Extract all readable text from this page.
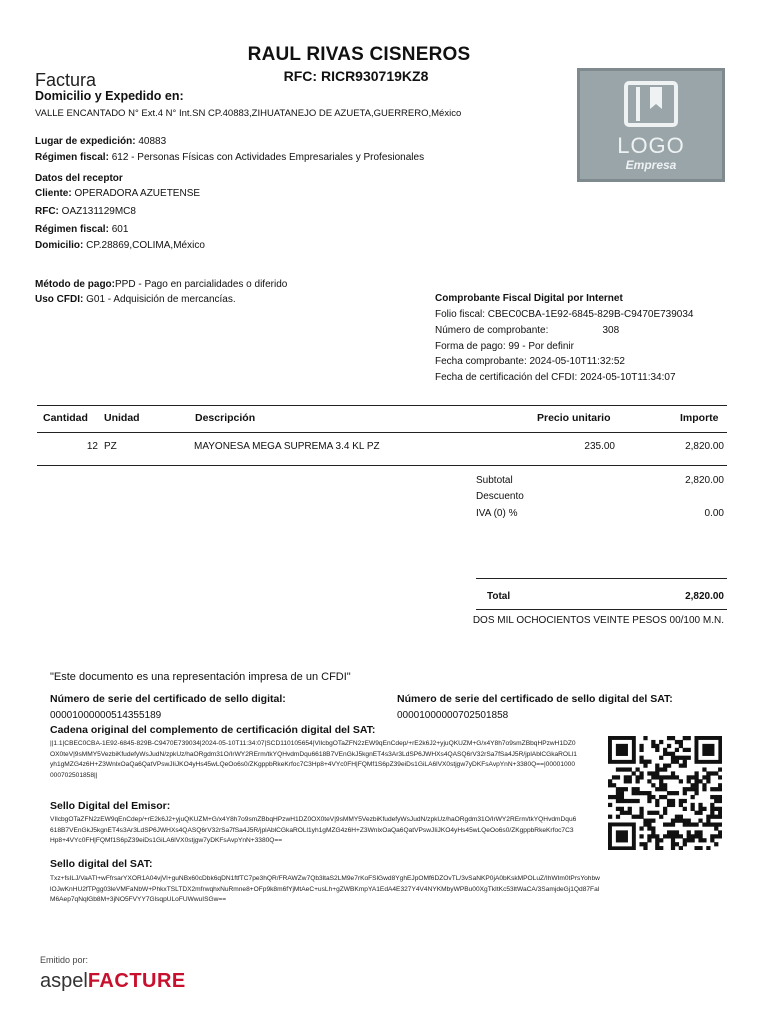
RAUL RIVAS CISNEROS
RFC: RICR930719KZ8
Factura
Domicilio y Expedido en:
VALLE ENCANTADO N° Ext.4 N° Int.SN CP.40883,ZIHUATANEJO DE AZUETA,GUERRERO,México
LOGO
Empresa
Lugar de expedición: 40883
Régimen fiscal: 612 - Personas Físicas con Actividades Empresariales y Profesionales
Datos del receptor
Cliente: OPERADORA AZUETENSE
RFC: OAZ131129MC8
Régimen fiscal: 601
Domicilio: CP.28869,COLIMA,México
Método de pago:PPD - Pago en parcialidades o diferido
Uso CFDI: G01 - Adquisición de mercancías.	Comprobante Fiscal Digital por Internet
Folio fiscal: CBEC0CBA-1E92-6845-829B-C9470E739034
Número de comprobante:	308
Forma de pago: 99 - Por definir
Fecha comprobante: 2024-05-10T11:32:52
Fecha de certificación del CFDI: 2024-05-10T11:34:07
Cantidad Unidad	Descripción	Precio unitario	Importe
12 PZ	MAYONESA MEGA SUPREMA 3.4 KL PZ	235.00	2,820.00
Subtotal	2,820.00
Descuento
IVA (0) %	0.00
Total	2,820.00
DOS MIL OCHOCIENTOS VEINTE PESOS 00/100 M.N.
"Este documento es una representación impresa de un CFDI"
Número de serie del certificado de sello digital:
00001000000514355189
Número de serie del certificado de sello digital del SAT:
00001000000702501858
Cadena original del complemento de certificación digital del SAT:
||1.1|CBEC0CBA-1E92-6845-829B-C9470E739034|2024-05-10T11:34:07|SCD110105654|VIlcbgOTaZFN2zEW9qEnCdep/+rE2k6J2+yjuQKUZM+G/x4Y8h7o9smZBbqHPzwH1DZ0OX0teV|9sMMY5VezbiKfudefyWsJudN/zpkUz/haORgdm31O/IrWY2RErm/tkYQHvdmDqu6618B7VEnGkJ5kgnET4s3Ar3LdSP6JWHXs4QASQ6rV32rSa7fSa4J5R/jplAblCGkaROLl1yh1gMZG4z6H+Z3WnlxOaQa6QatVPswJIiJKO4yHs45wLQeOo6s0/ZKgppbRkeKrfoc7C3Hp8+4VYc0FH|FQMf1S6pZ39eiDs1GiLA6lVX0stjgw7yDKFsAvpYnN+3380Q==|00001000000702501858||
Sello Digital del Emisor:
VIlcbgOTaZFN2zEW9qEnCdep/+rE2k6J2+yjuQKUZM+G/x4Y8h7o9smZBbqHPzwH1DZ0OX0teV|9sMMY5VezbiKfudefyWsJudN/zpkUz/haORgdm31O/IrWY2RErm/tkYQHvdmDqu6618B7VEnGkJ5kgnET4s3Ar3LdSP6JWHXs4QASQ6rV32rSa7fSa4J5R/jplAblCGkaROLl1yh1gMZG4z6H+Z3WnlxOaQa6QatVPswJIiJKO4yHs45wLQeOo6s0/ZKgppbRkeKrfoc7C3Hp8+4VYc0FH|FQMf1S6pZ39eiDs1GiLA6lVX0stjgw7yDKFsAvpYnN+3380Q==
Sello digital del SAT:
Txz+fsILJ/VaATl+wFfrsarYXOR1A04vjVl+guNBx60cDbk6qDN1ftfTC7pe3hQR/FRAWZw7Qb3ltaS2LM9e7rKoFSlGwd8YghEJpOMf6DZOvTL/3vSaNKP0jA0bKskMPOLuZ/IhWIm0tPrsYohbwlOJwKnHU2fTPgg03leVMFaNbW+PhkxTSLTDX2mfrwqhxNuRmne8+OFp9k8m6fYjMtAeC+usLh+gZWBKmpYA1EdA4E327Y4V4NYKMbyWPBu00XgTkItKc53ltWaCA/3SamjdeGj1Qd87FalM6Aep7qNqlGb8M+3jNO5FVYY7GlsqpULoFUWwuISGw==
Emitido por:
aspelFACTURE
